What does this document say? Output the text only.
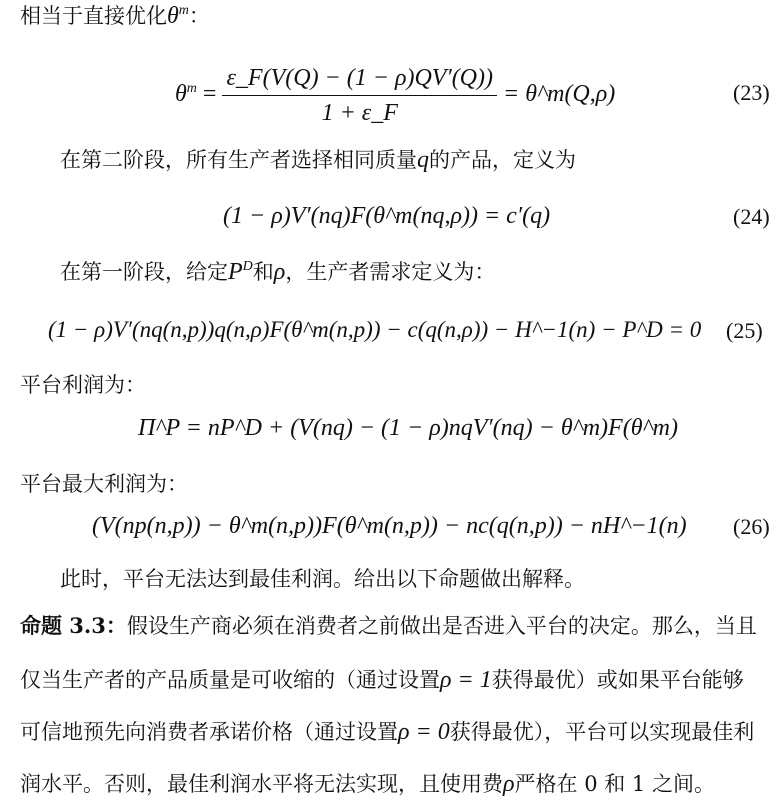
相当于直接优化$\theta^m$：
$\theta^m = \frac{\varepsilon\_F(V(Q) - (1 - \rho)QV'(Q))}{1 + \varepsilon\_F}$ = θ^m(Q,ρ)	(23)
在第二阶段，所有生产者选择相同质量q的产品，定义为
(1 − ρ)V′(nq)F(θ^m(nq,ρ)) = c′(q)	(24)
在第一阶段，给定$P^D$和ρ，生产者需求定义为：
(1 − ρ)V′(nq(n,p))q(n,ρ)F(θ^m(n,p)) − c(q(n,ρ)) − H^−1(n) − P^D = 0 (25)
平台利润为：
Π^P = nP^D + (V(nq) − (1 − ρ)nqV′(nq) − θ^m)F(θ^m)
平台最大利润为：
(V(np(n,p)) − θ^m(n,p))F(θ^m(n,p)) − nc(q(n,p)) − nH^−1(n) (26)
此时，平台无法达到最佳利润。给出以下命题做出解释。
命题 3.3：假设生产商必须在消费者之前做出是否进入平台的决定。那么，当且
仅当生产者的产品质量是可收缩的（通过设置ρ = 1获得最优）或如果平台能够
可信地预先向消费者承诺价格（通过设置ρ = 0获得最优），平台可以实现最佳利
润水平。否则，最佳利润水平将无法实现，且使用费ρ严格在 0 和 1 之间。
